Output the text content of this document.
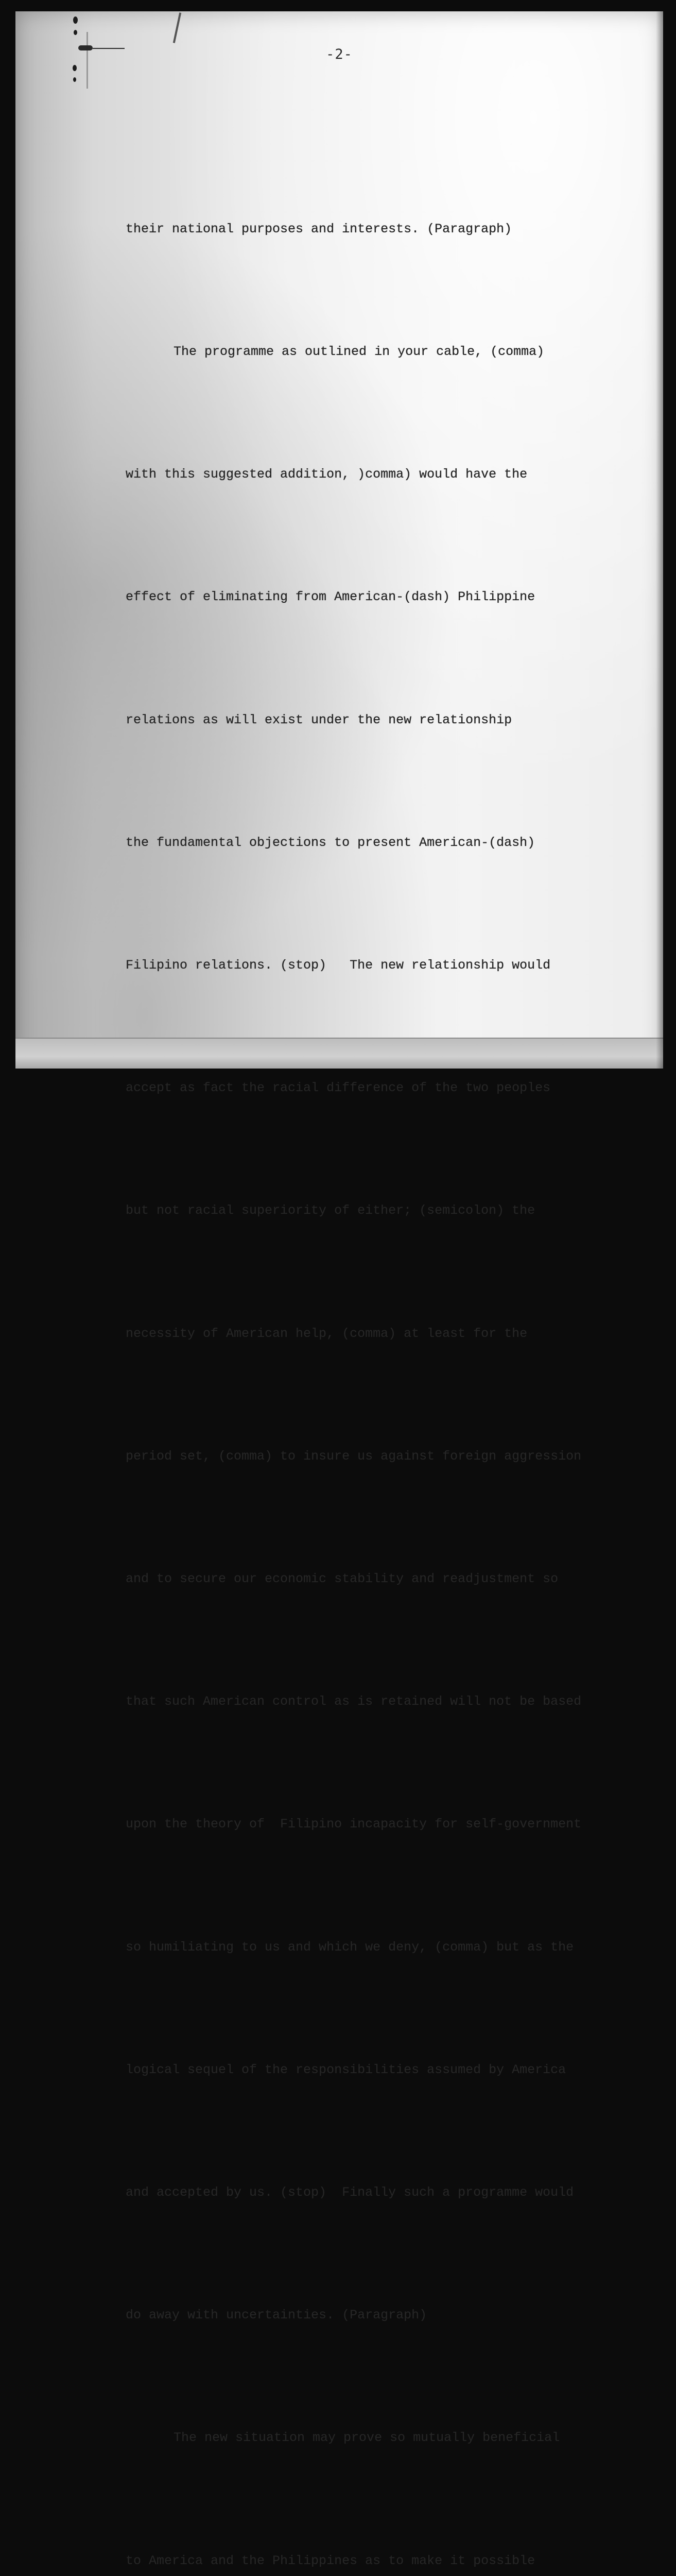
-2-

their national purposes and interests. (Paragraph)

The programme as outlined in your cable, (comma)

with this suggested addition, )comma) would have the

effect of eliminating from American-(dash) Philippine

relations as will exist under the new relationship

the fundamental objections to present American-(dash)

Filipino relations. (stop)   The new relationship would

accept as fact the racial difference of the two peoples

but not racial superiority of either; (semicolon) the

necessity of American help, (comma) at least for the

period set, (comma) to insure us against foreign aggression

and to secure our economic stability and readjustment so

that such American control as is retained will not be based

upon the theory of  Filipino incapacity for self-government

so humiliating to us and which we deny, (comma) but as the

logical sequel of the responsibilities assumed by America

and accepted by us. (stop)  Finally such a programme would

do away with uncertainties. (Paragraph)

The new situation may prove so mutually beneficial

to America and the Philippines as to make it possible
